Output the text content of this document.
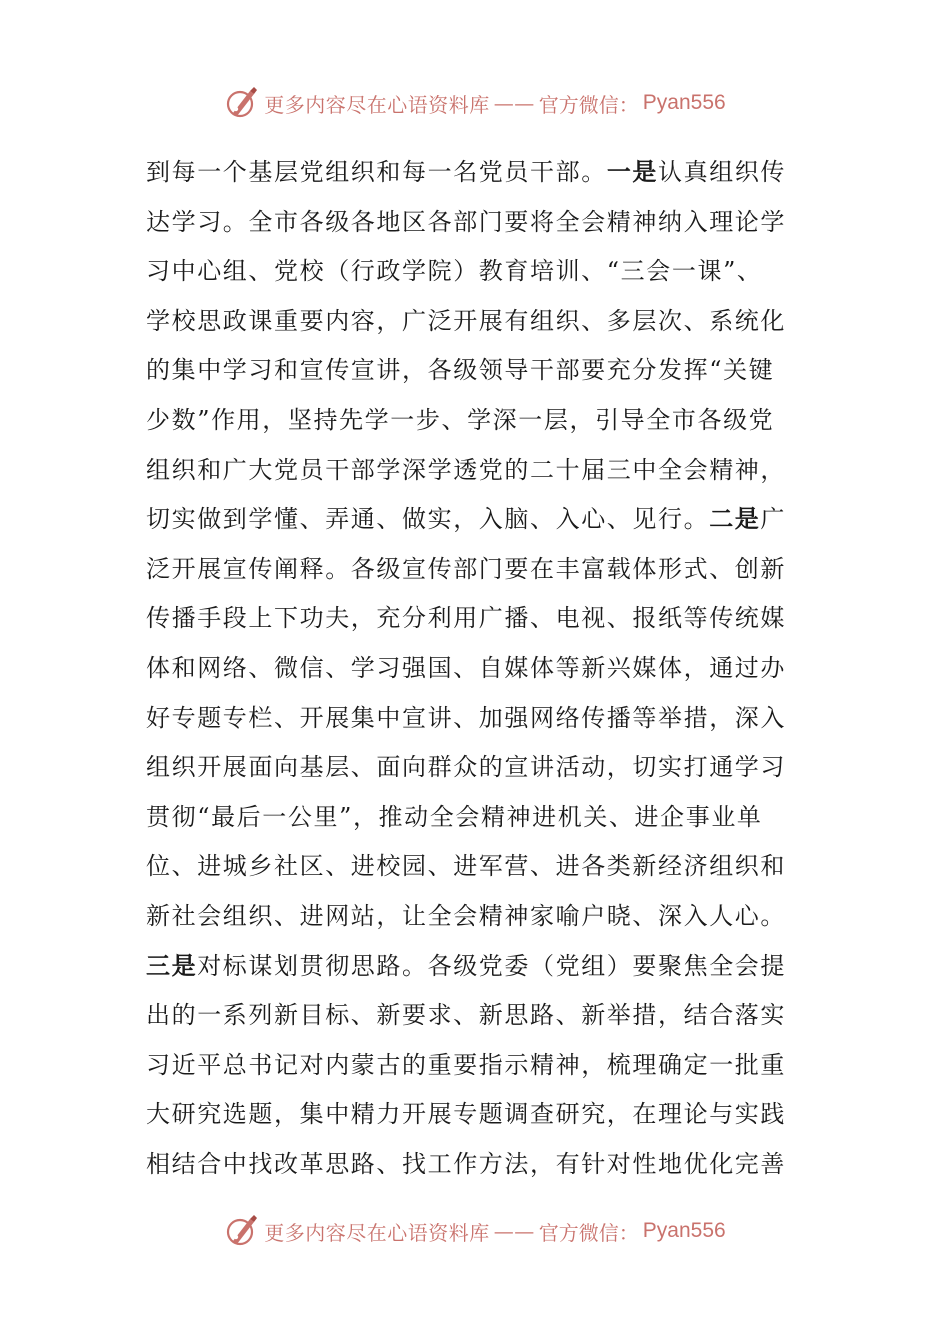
更多内容尽在心语资料库 —— 官方微信： Pyan556
到每一个基层党组织和每一名党员干部。一是认真组织传
达学习。全市各级各地区各部门要将全会精神纳入理论学
习中心组、党校（行政学院）教育培训、“三会一课”、
学校思政课重要内容，广泛开展有组织、多层次、系统化
的集中学习和宣传宣讲，各级领导干部要充分发挥“关键
少数”作用，坚持先学一步、学深一层，引导全市各级党
组织和广大党员干部学深学透党的二十届三中全会精神，
切实做到学懂、弄通、做实，入脑、入心、见行。二是广
泛开展宣传阐释。各级宣传部门要在丰富载体形式、创新
传播手段上下功夫，充分利用广播、电视、报纸等传统媒
体和网络、微信、学习强国、自媒体等新兴媒体，通过办
好专题专栏、开展集中宣讲、加强网络传播等举措，深入
组织开展面向基层、面向群众的宣讲活动，切实打通学习
贯彻“最后一公里”，推动全会精神进机关、进企事业单
位、进城乡社区、进校园、进军营、进各类新经济组织和
新社会组织、进网站，让全会精神家喻户晓、深入人心。
三是对标谋划贯彻思路。各级党委（党组）要聚焦全会提
出的一系列新目标、新要求、新思路、新举措，结合落实
习近平总书记对内蒙古的重要指示精神，梳理确定一批重
大研究选题，集中精力开展专题调查研究，在理论与实践
相结合中找改革思路、找工作方法，有针对性地优化完善
更多内容尽在心语资料库 —— 官方微信： Pyan556
